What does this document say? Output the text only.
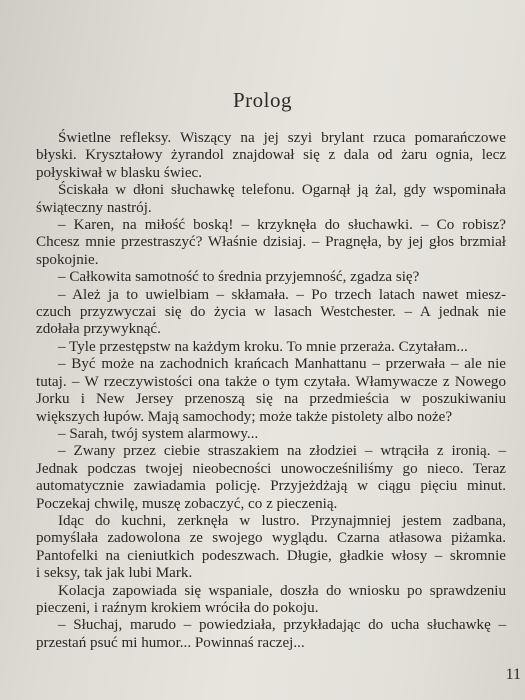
Prolog
Świetlne refleksy. Wiszący na jej szyi brylant rzuca pomarańczowe
błyski. Kryształowy żyrandol znajdował się z dala od żaru ognia, lecz
połyskiwał w blasku świec.
Ściskała w dłoni słuchawkę telefonu. Ogarnął ją żal, gdy wspominała
świąteczny nastrój.
– Karen, na miłość boską! – krzyknęła do słuchawki. – Co robisz?
Chcesz mnie przestraszyć? Właśnie dzisiaj. – Pragnęła, by jej głos brzmiał
spokojnie.
– Całkowita samotność to średnia przyjemność, zgadza się?
– Ależ ja to uwielbiam – skłamała. – Po trzech latach nawet miesz-
czuch przyzwyczai się do życia w lasach Westchester. – A jednak nie
zdołała przywyknąć.
– Tyle przestępstw na każdym kroku. To mnie przeraża. Czytałam...
– Być może na zachodnich krańcach Manhattanu – przerwała – ale nie
tutaj. – W rzeczywistości ona także o tym czytała. Włamywacze z Nowego
Jorku i New Jersey przenoszą się na przedmieścia w poszukiwaniu
większych łupów. Mają samochody; może także pistolety albo noże?
– Sarah, twój system alarmowy...
– Zwany przez ciebie straszakiem na złodziei – wtrąciła z ironią. –
Jednak podczas twojej nieobecności unowocześniliśmy go nieco. Teraz
automatycznie zawiadamia policję. Przyjeżdżają w ciągu pięciu minut.
Poczekaj chwilę, muszę zobaczyć, co z pieczenią.
Idąc do kuchni, zerknęła w lustro. Przynajmniej jestem zadbana,
pomyślała zadowolona ze swojego wyglądu. Czarna atłasowa piżamka.
Pantofelki na cieniutkich podeszwach. Długie, gładkie włosy – skromnie
i seksy, tak jak lubi Mark.
Kolacja zapowiada się wspaniale, doszła do wniosku po sprawdzeniu
pieczeni, i raźnym krokiem wróciła do pokoju.
– Słuchaj, marudo – powiedziała, przykładając do ucha słuchawkę –
przestań psuć mi humor... Powinnaś raczej...
11
